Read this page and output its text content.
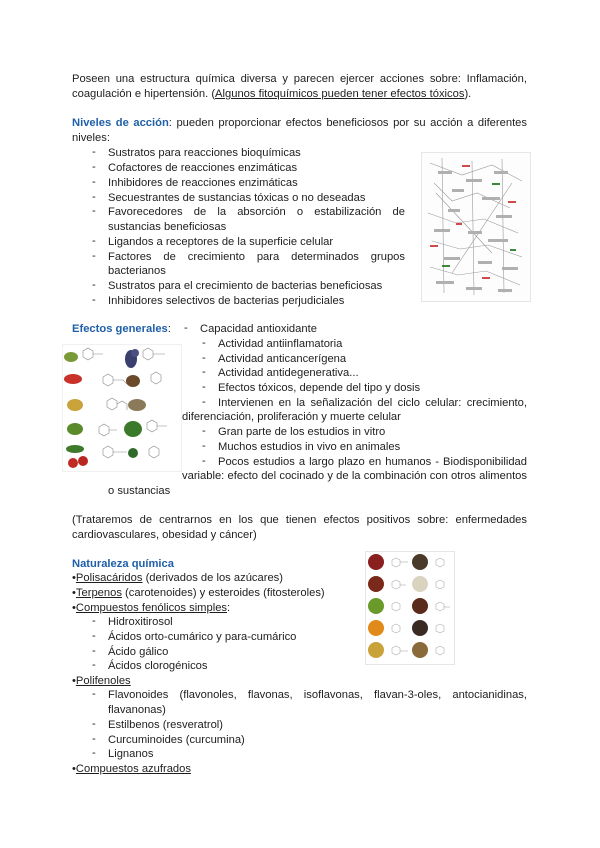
Poseen una estructura química diversa y parecen ejercer acciones sobre: Inflamación,
coagulación e hipertensión. (Algunos fitoquímicos pueden tener efectos tóxicos).
Niveles de acción: pueden proporcionar efectos beneficiosos por su acción a diferentes
niveles:
- Sustratos para reacciones bioquímicas
- Cofactores de reacciones enzimáticas
- Inhibidores de reacciones enzimáticas
- Secuestrantes de sustancias tóxicas o no deseadas
- Favorecedores de la absorción o estabilización de
sustancias beneficiosas
- Ligandos a receptores de la superficie celular
- Factores de crecimiento para determinados grupos
bacterianos
- Sustratos para el crecimiento de bacterias beneficiosas
- Inhibidores selectivos de bacterias perjudiciales
Efectos generales: - Capacidad antioxidante
- Actividad antiinflamatoria
- Actividad anticancerígena
- Actividad antidegenerativa...
- Efectos tóxicos, depende del tipo y dosis
- Intervienen en la señalización del ciclo celular: crecimiento,
diferenciación, proliferación y muerte celular
- Gran parte de los estudios in vitro
- Muchos estudios in vivo en animales
- Pocos estudios a largo plazo en humanos - Biodisponibilidad
variable: efecto del cocinado y de la combinación con otros alimentos
o sustancias
(Trataremos de centrarnos en los que tienen efectos positivos sobre: enfermedades
cardiovasculares, obesidad y cáncer)
Naturaleza química
•Polisacáridos (derivados de los azúcares)
•Terpenos (carotenoides) y esteroides (fitosteroles)
•Compuestos fenólicos simples:
- Hidroxitirosol
- Ácidos orto-cumárico y para-cumárico
- Ácido gálico
- Ácidos clorogénicos
•Polifenoles
- Flavonoides (flavonoles, flavonas, isoflavonas, flavan-3-oles, antocianidinas,
flavanonas)
- Estilbenos (resveratrol)
- Curcuminoides (curcumina)
- Lignanos
•Compuestos azufrados
